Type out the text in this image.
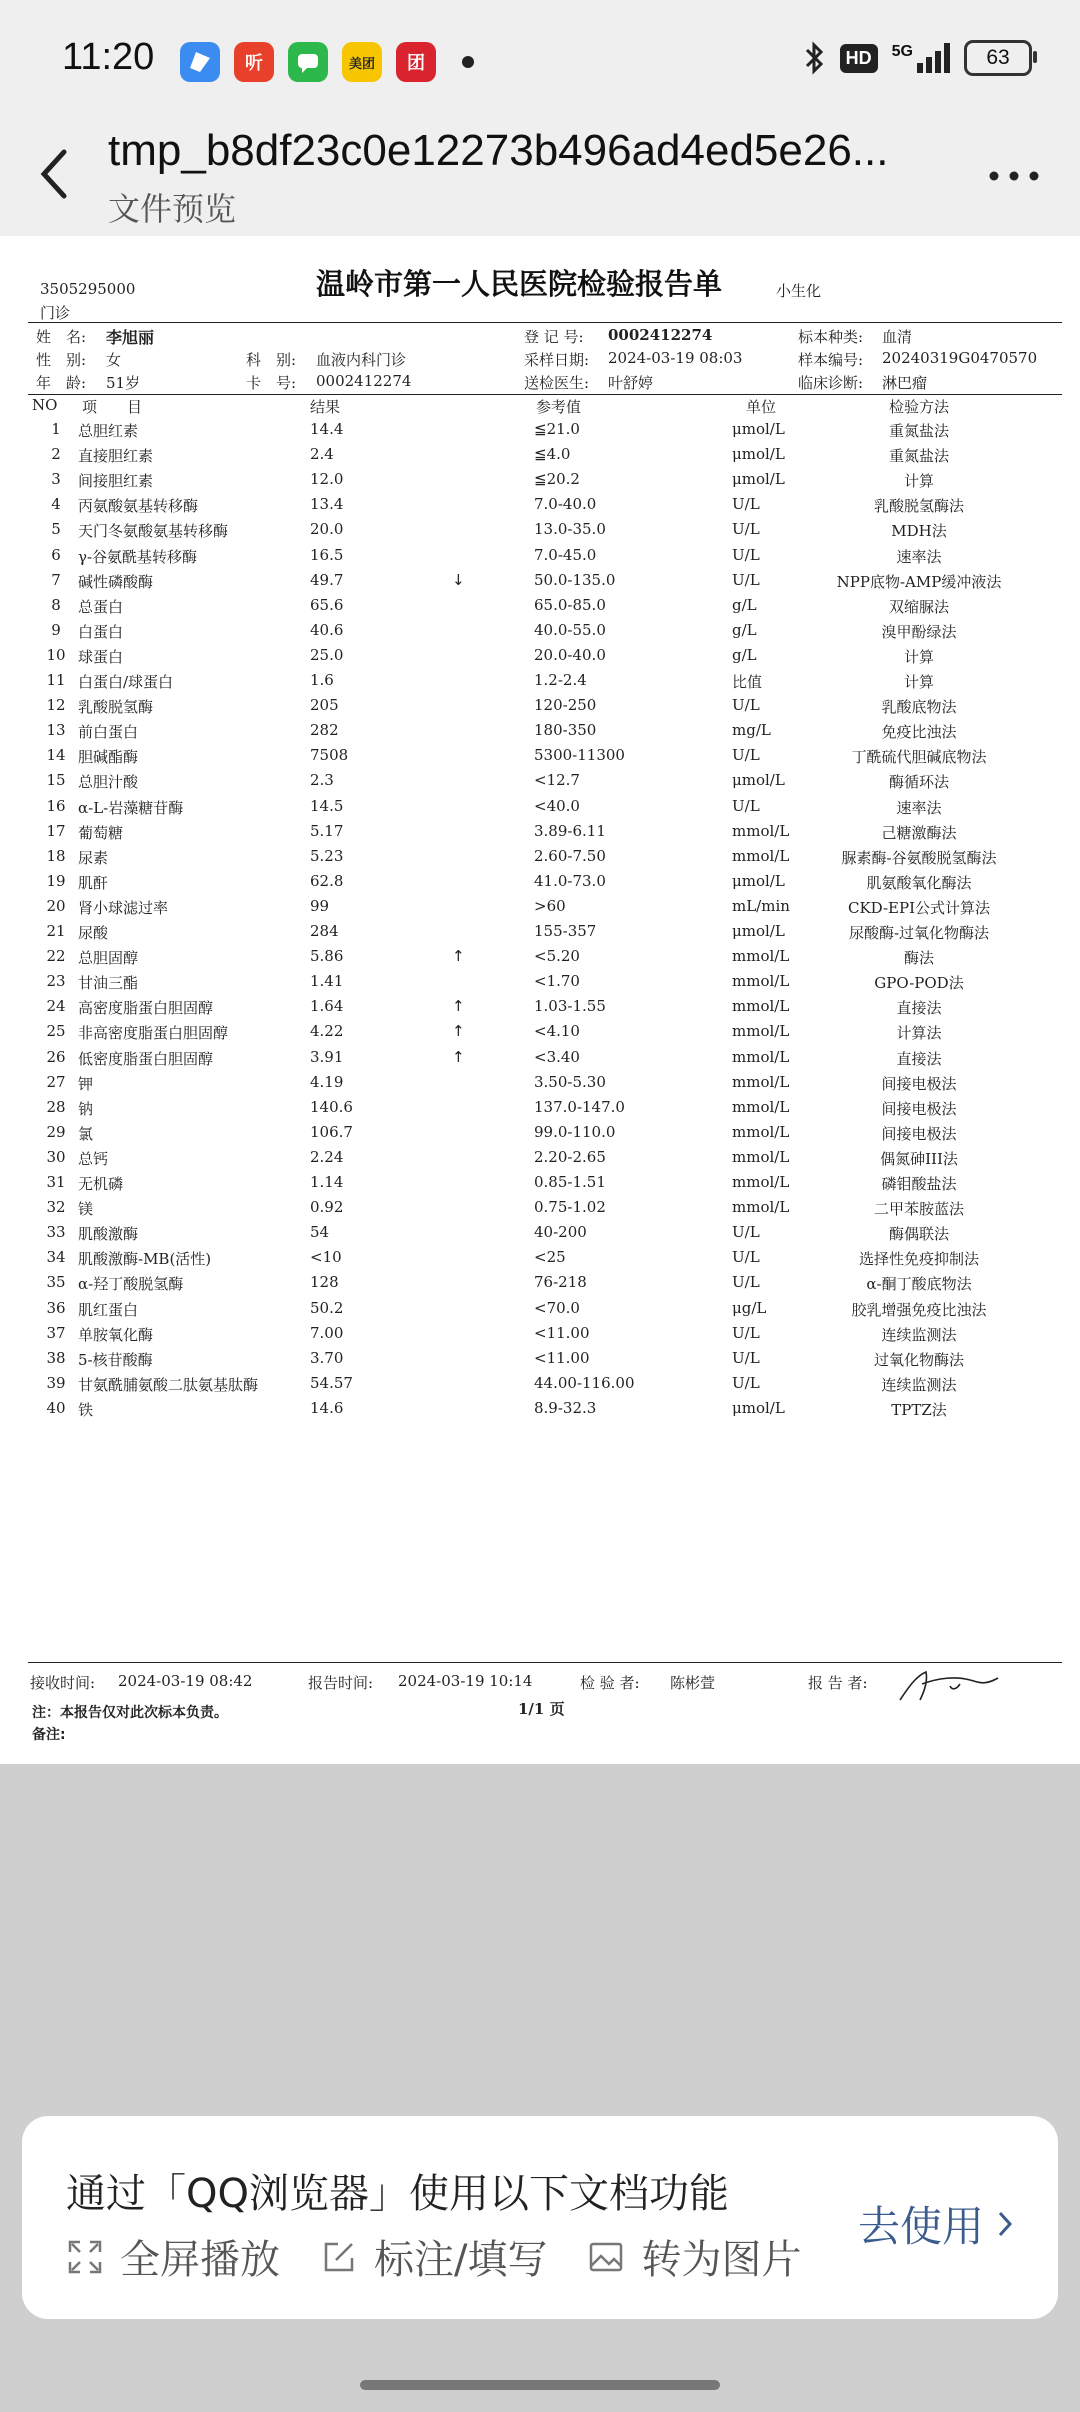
11:20	听	美团	团	HD	5G	63
tmp_b8df23c0e12273b496ad4ed5e26...
文件预览
3505295000
门诊
温岭市第一人民医院检验报告单	小生化
姓　名: 李旭丽
性　别: 女
年　龄: 51岁
科　别: 血液内科门诊
卡　号: 0002412274
登 记 号: 0002412274
采样日期: 2024-03-19 08:03
送检医生: 叶舒婷
标本种类: 血清
样本编号: 20240319G0470570
临床诊断: 淋巴瘤
NO 项　　目	结果	参考值	单位	检验方法
1	总胆红素	14.4	≦21.0	μmol/L	重氮盐法
2	直接胆红素	2.4	≦4.0	μmol/L	重氮盐法
3	间接胆红素	12.0	≦20.2	μmol/L	计算
4	丙氨酸氨基转移酶	13.4	7.0-40.0	U/L	乳酸脱氢酶法
5	天门冬氨酸氨基转移酶	20.0	13.0-35.0	U/L	MDH法
6	γ-谷氨酰基转移酶	16.5	7.0-45.0	U/L	速率法
7	碱性磷酸酶	49.7	↓	50.0-135.0	U/L	NPP底物-AMP缓冲液法
8	总蛋白	65.6	65.0-85.0	g/L	双缩脲法
9	白蛋白	40.6	40.0-55.0	g/L	溴甲酚绿法
10 球蛋白	25.0	20.0-40.0	g/L	计算
11 白蛋白/球蛋白	1.6	1.2-2.4	比值	计算
12 乳酸脱氢酶	205	120-250	U/L	乳酸底物法
13 前白蛋白	282	180-350	mg/L	免疫比浊法
14 胆碱酯酶	7508	5300-11300	U/L	丁酰硫代胆碱底物法
15 总胆汁酸	2.3	<12.7	μmol/L	酶循环法
16 α-L-岩藻糖苷酶	14.5	<40.0	U/L	速率法
17 葡萄糖	5.17	3.89-6.11	mmol/L	己糖激酶法
18 尿素	5.23	2.60-7.50	mmol/L	脲素酶-谷氨酸脱氢酶法
19 肌酐	62.8	41.0-73.0	μmol/L	肌氨酸氧化酶法
20 肾小球滤过率	99	>60	mL/min	CKD-EPI公式计算法
21 尿酸	284	155-357	μmol/L	尿酸酶-过氧化物酶法
22 总胆固醇	5.86	↑	<5.20	mmol/L	酶法
23 甘油三酯	1.41	<1.70	mmol/L	GPO-POD法
24 高密度脂蛋白胆固醇	1.64	↑	1.03-1.55	mmol/L	直接法
25 非高密度脂蛋白胆固醇	4.22	↑	<4.10	mmol/L	计算法
26 低密度脂蛋白胆固醇	3.91	↑	<3.40	mmol/L	直接法
27 钾	4.19	3.50-5.30	mmol/L	间接电极法
28 钠	140.6	137.0-147.0	mmol/L	间接电极法
29 氯	106.7	99.0-110.0	mmol/L	间接电极法
30 总钙	2.24	2.20-2.65	mmol/L	偶氮砷III法
31 无机磷	1.14	0.85-1.51	mmol/L	磷钼酸盐法
32 镁	0.92	0.75-1.02	mmol/L	二甲苯胺蓝法
33 肌酸激酶	54	40-200	U/L	酶偶联法
34 肌酸激酶-MB(活性)	<10	<25	U/L	选择性免疫抑制法
35 α-羟丁酸脱氢酶	128	76-218	U/L	α-酮丁酸底物法
36 肌红蛋白	50.2	<70.0	μg/L	胶乳增强免疫比浊法
37 单胺氧化酶	7.00	<11.00	U/L	连续监测法
38 5-核苷酸酶	3.70	<11.00	U/L	过氧化物酶法
39 甘氨酰脯氨酸二肽氨基肽酶	54.57	44.00-116.00	U/L	连续监测法
40 铁	14.6	8.9-32.3	μmol/L	TPTZ法
接收时间: 2024-03-19 08:42	报告时间: 2024-03-19 10:14	检 验 者: 陈彬萱	报 告 者:
注：本报告仅对此次标本负责。	1/1 页
备注:
通过「QQ浏览器」使用以下文档功能
全屏播放 标注/填写 转为图片
去使用
